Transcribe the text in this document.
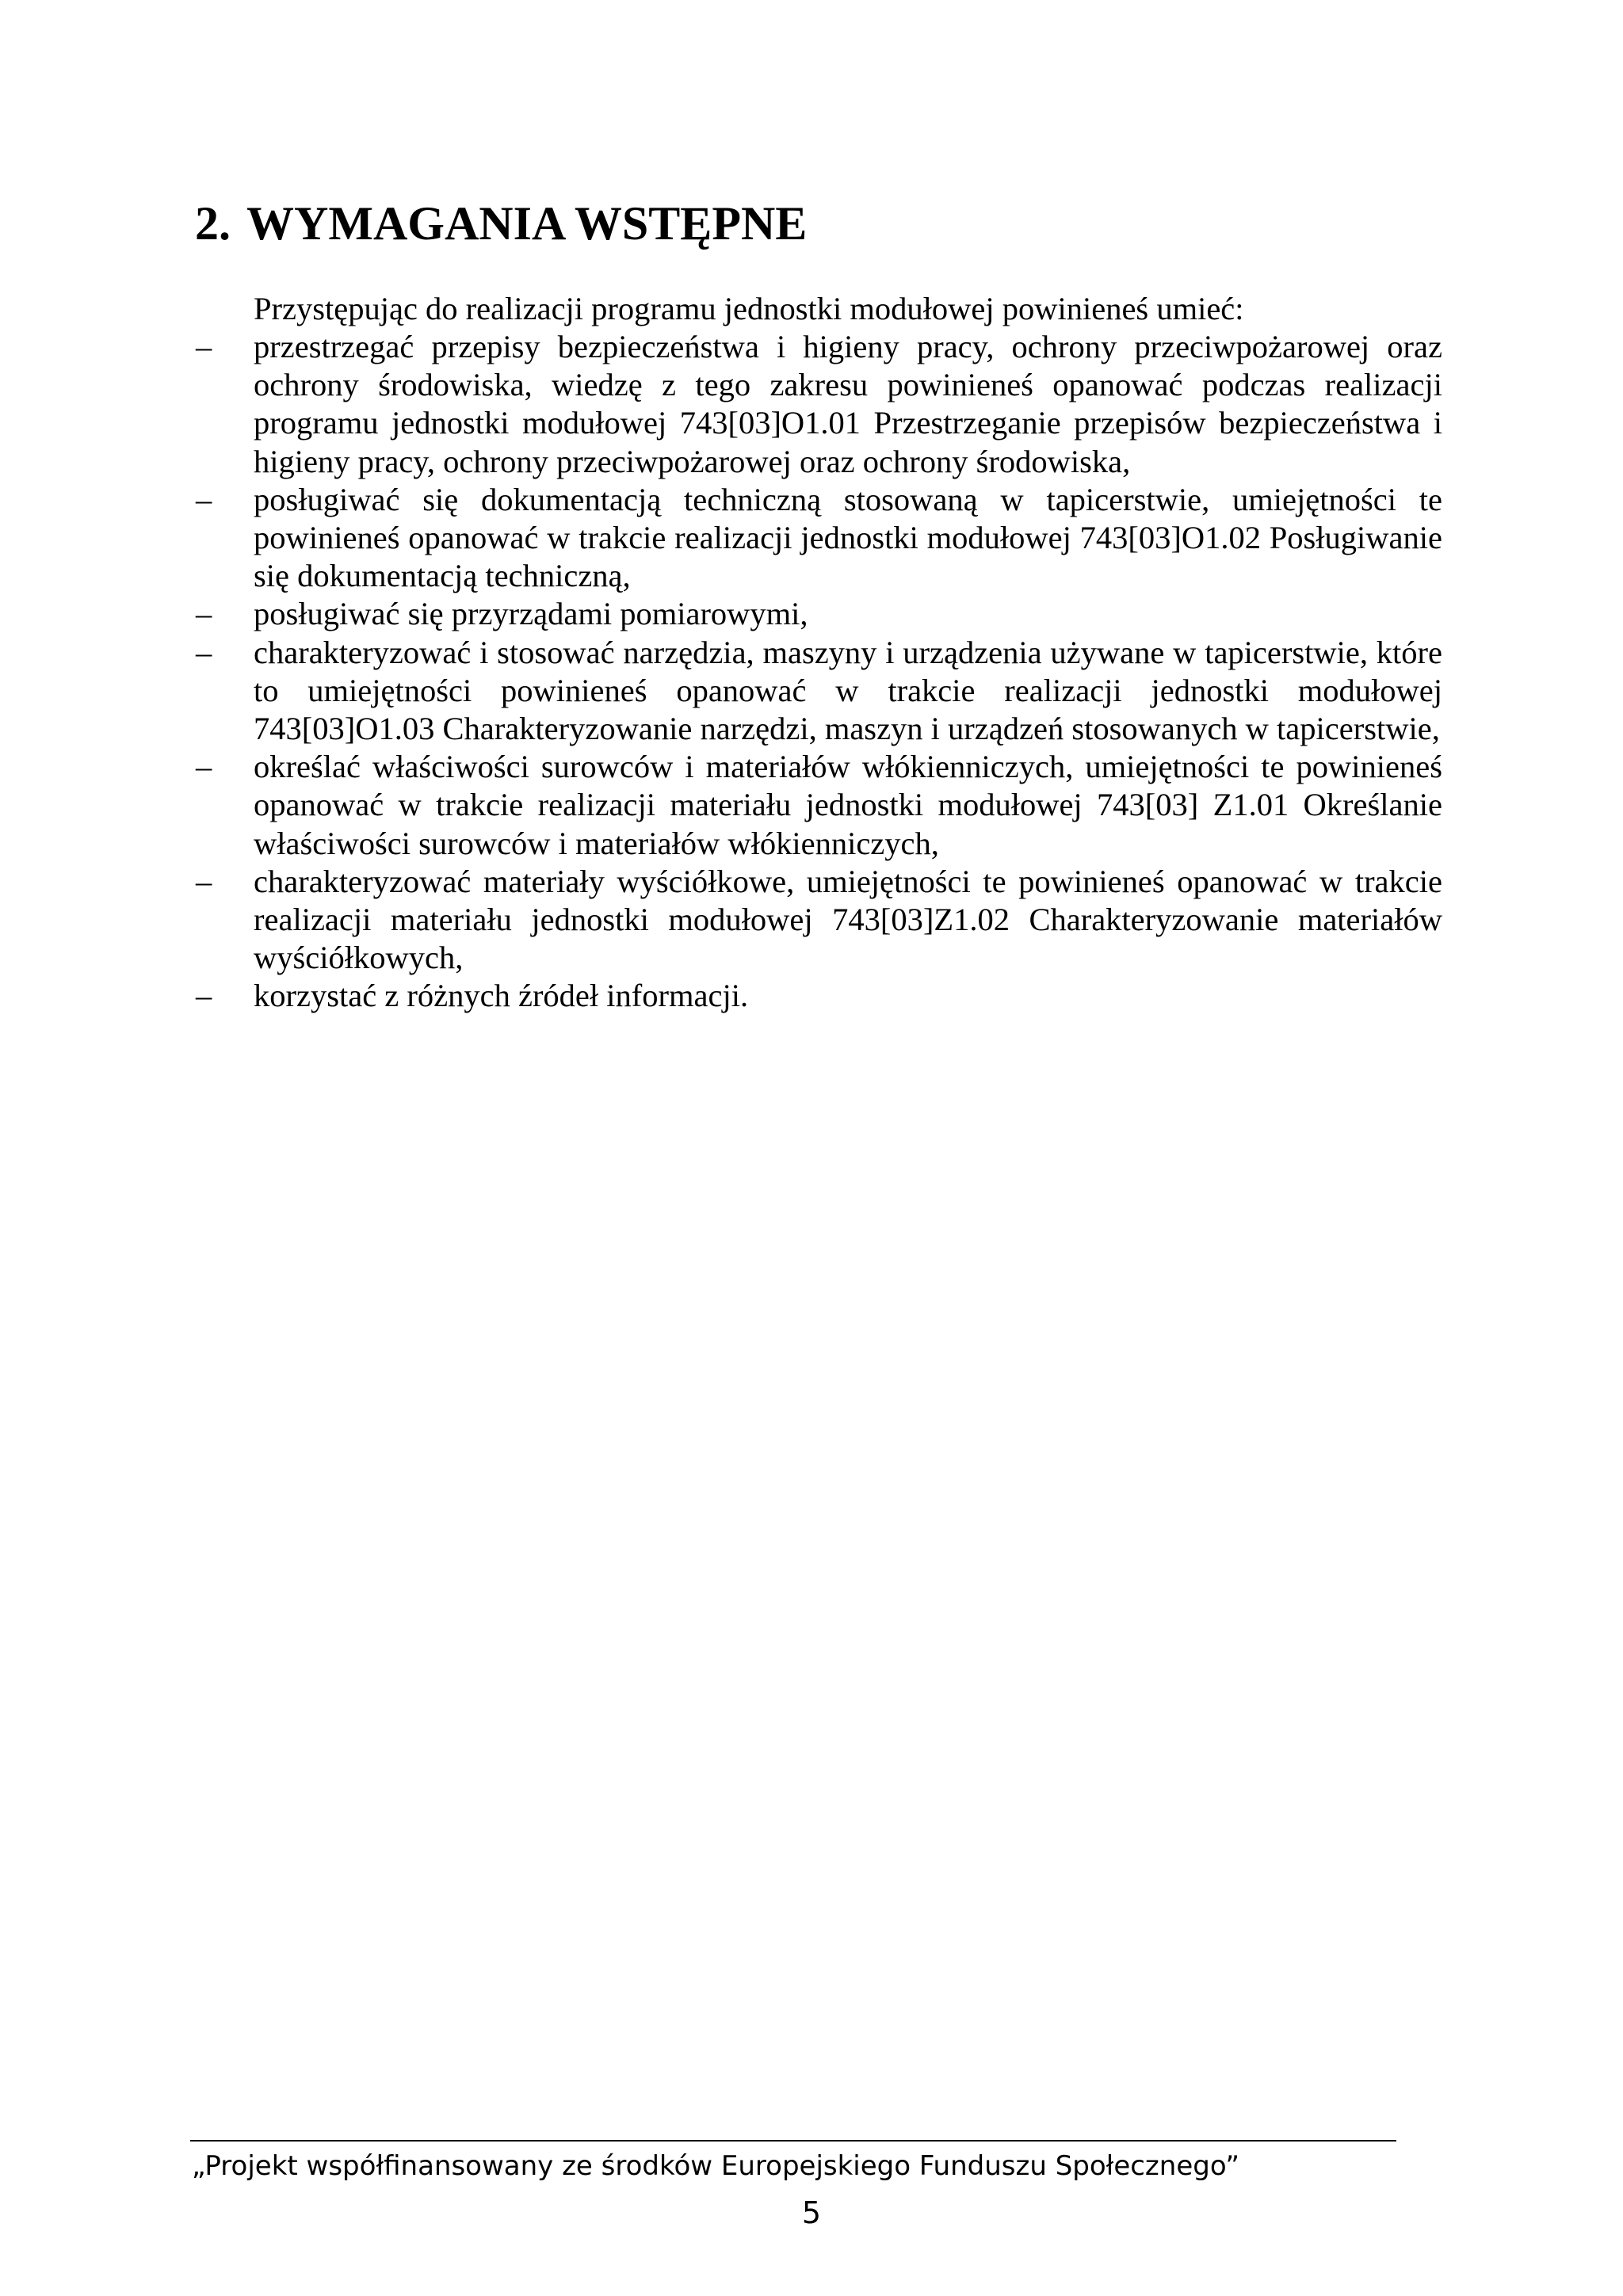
2. WYMAGANIA WSTĘPNE

Przystępując do realizacji programu jednostki modułowej powinieneś umieć:

– przestrzegać przepisy bezpieczeństwa i higieny pracy, ochrony przeciwpożarowej oraz ochrony środowiska, wiedzę z tego zakresu powinieneś opanować podczas realizacji programu jednostki modułowej 743[03]O1.01 Przestrzeganie przepisów bezpieczeństwa i higieny pracy, ochrony przeciwpożarowej oraz ochrony środowiska,
– posługiwać się dokumentacją techniczną stosowaną w tapicerstwie, umiejętności te powinieneś opanować w trakcie realizacji jednostki modułowej 743[03]O1.02 Posługiwanie się dokumentacją techniczną,
– posługiwać się przyrządami pomiarowymi,
– charakteryzować i stosować narzędzia, maszyny i urządzenia używane w tapicerstwie, które to umiejętności powinieneś opanować w trakcie realizacji jednostki modułowej 743[03]O1.03 Charakteryzowanie narzędzi, maszyn i urządzeń stosowanych w tapicerstwie,
– określać właściwości surowców i materiałów włókienniczych, umiejętności te powinieneś opanować w trakcie realizacji materiału jednostki modułowej 743[03] Z1.01 Określanie właściwości surowców i materiałów włókienniczych,
– charakteryzować materiały wyściółkowe, umiejętności te powinieneś opanować w trakcie realizacji materiału jednostki modułowej 743[03]Z1.02 Charakteryzowanie materiałów wyściółkowych,
– korzystać z różnych źródeł informacji.

„Projekt współfinansowany ze środków Europejskiego Funduszu Społecznego”

5
